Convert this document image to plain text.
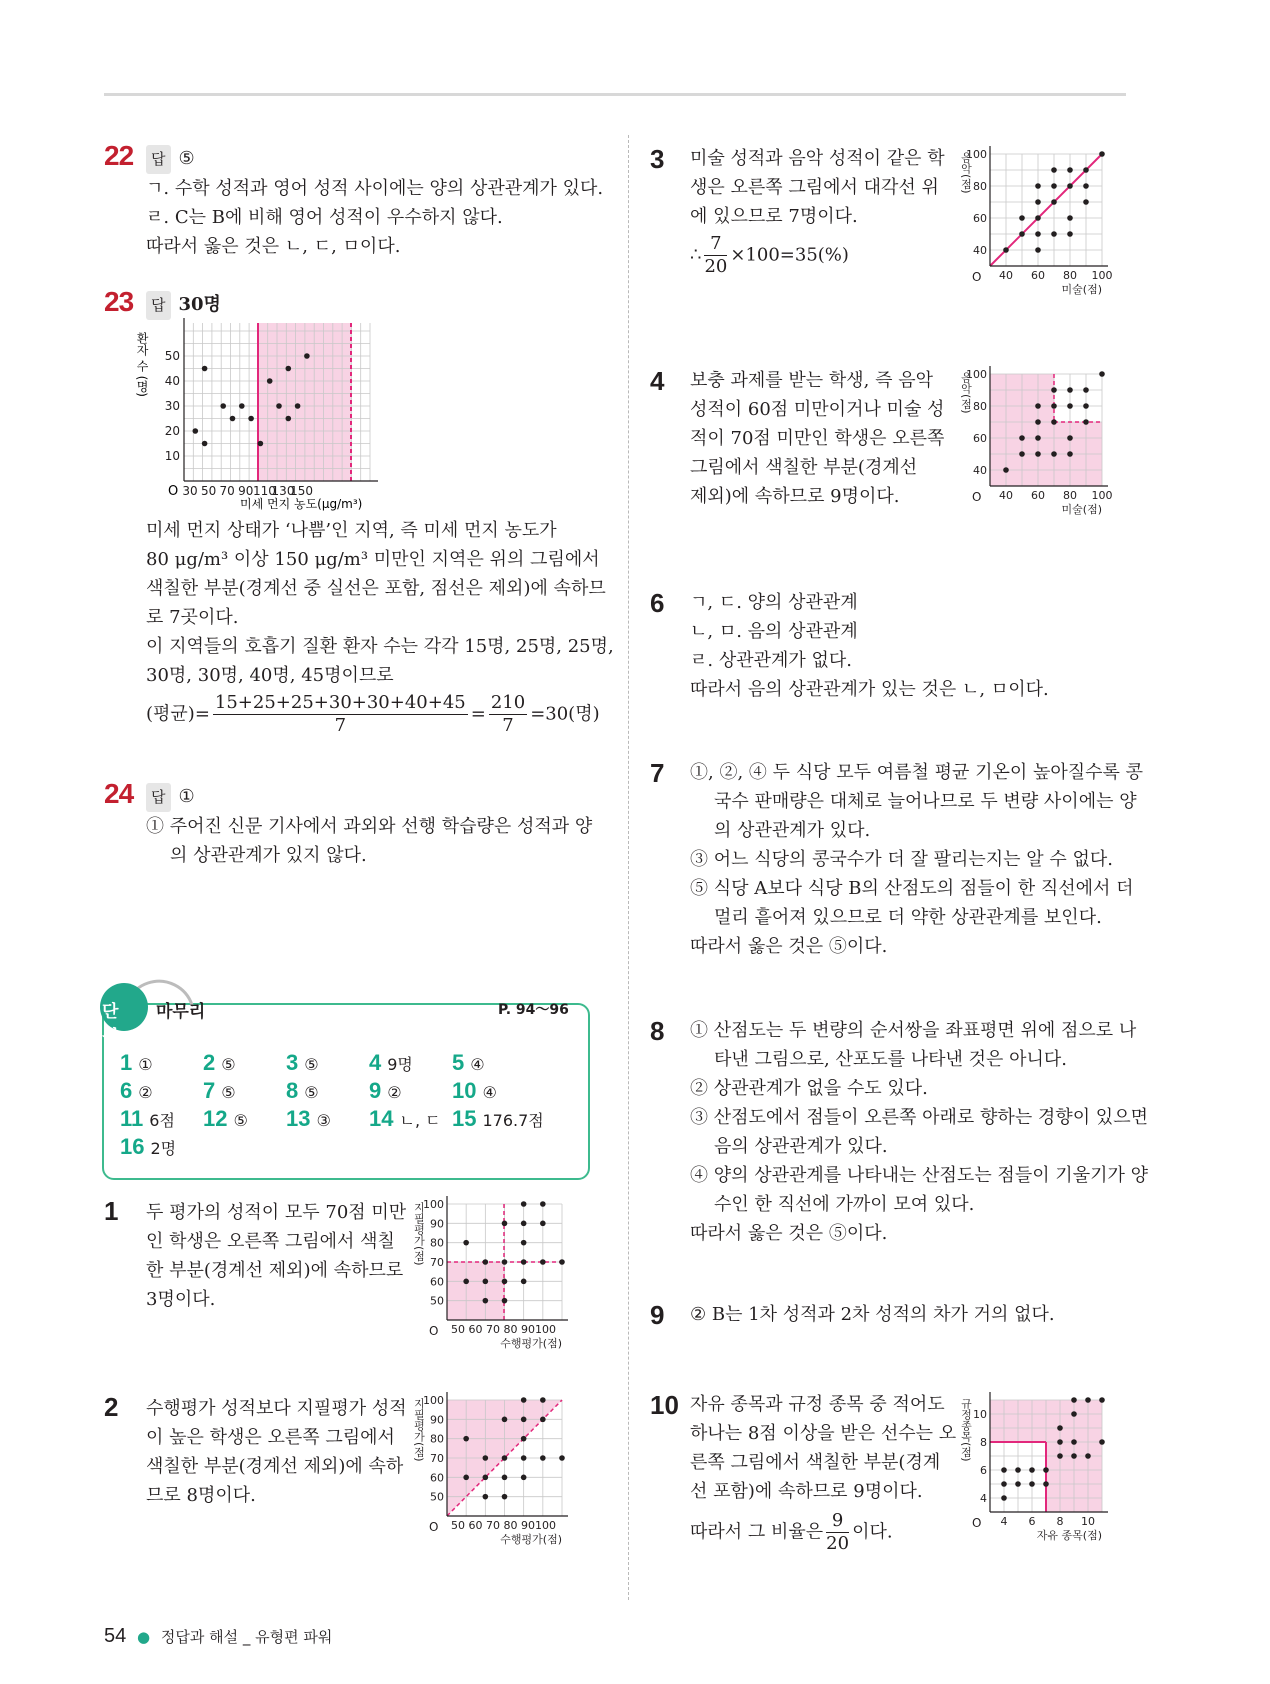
22	답 ⑤
ㄱ. 수학 성적과 영어 성적 사이에는 양의 상관관계가 있다.
ㄹ. C는 B에 비해 영어 성적이 우수하지 않다.
따라서 옳은 것은 ㄴ, ㄷ, ㅁ이다.
23	답 30명
환자 수 (명)
10
20
30
40
50
30 50 70 90 110
130
150
O
미세 먼지 농도(μg/m³)
미세 먼지 상태가 ‘나쁨’인 지역, 즉 미세 먼지 농도가
80 μg/m³ 이상 150 μg/m³ 미만인 지역은 위의 그림에서
색칠한 부분(경계선 중 실선은 포함, 점선은 제외)에 속하므
로 7곳이다.
이 지역들의 호흡기 질환 환자 수는 각각 15명, 25명, 25명,
30명, 30명, 40명, 45명이므로
(평균)= $\frac{15+25+25+30+30+40+45}{7} = \frac{210}{7} =30$(명)
24	답 ①
① 주어진 신문 기사에서 과외와 선행 학습량은 성적과 양
의 상관관계가 있지 않다.
단원
마무리	P. 94～96
1 ① 2 ⑤ 3 ⑤ 4 9명 5 ④
6 ② 7 ⑤ 8 ⑤ 9 ② 10 ④
11 6점 12 ⑤ 13 ③ 14 ㄴ, ㄷ 15 176.7점
16 2명
1 두 평가의 성적이 모두 70점 미만
인 학생은 오른쪽 그림에서 색칠
한 부분(경계선 제외)에 속하므로
3명이다.	50
60
70
80
90
100
50 60 70 80 90100
O
수행평가(점)
지필평가(점)
2 수행평가 성적보다 지필평가 성적
이 높은 학생은 오른쪽 그림에서
색칠한 부분(경계선 제외)에 속하
므로 8명이다.	50
60
70
80
90
100
50 60 70 80 90100
O
수행평가(점)
지필평가(점)
3 미술 성적과 음악 성적이 같은 학
생은 오른쪽 그림에서 대각선 위
에 있으므로 7명이다.
∴ $\frac{7}{20} \times 100=35(\%)$	40
60
80
100
40 60 80 100
O
미술(점)
음악(점)
4 보충 과제를 받는 학생, 즉 음악
성적이 60점 미만이거나 미술 성
적이 70점 미만인 학생은 오른쪽
그림에서 색칠한 부분(경계선
제외)에 속하므로 9명이다.
40
60
80
100
40 60 80 100
O
미술(점)
음악(점)
6 ㄱ, ㄷ. 양의 상관관계
ㄴ, ㅁ. 음의 상관관계
ㄹ. 상관관계가 없다.
따라서 음의 상관관계가 있는 것은 ㄴ, ㅁ이다.
7 ①, ②, ④ 두 식당 모두 여름철 평균 기온이 높아질수록 콩
국수 판매량은 대체로 늘어나므로 두 변량 사이에는 양
의 상관관계가 있다.
③ 어느 식당의 콩국수가 더 잘 팔리는지는 알 수 없다.
⑤ 식당 A보다 식당 B의 산점도의 점들이 한 직선에서 더
멀리 흩어져 있으므로 더 약한 상관관계를 보인다.
따라서 옳은 것은 ⑤이다.
8 ① 산점도는 두 변량의 순서쌍을 좌표평면 위에 점으로 나
타낸 그림으로, 산포도를 나타낸 것은 아니다.
② 상관관계가 없을 수도 있다.
③ 산점도에서 점들이 오른쪽 아래로 향하는 경향이 있으면
음의 상관관계가 있다.
④ 양의 상관관계를 나타내는 산점도는 점들이 기울기가 양
수인 한 직선에 가까이 모여 있다.
따라서 옳은 것은 ⑤이다.
9 ② B는 1차 성적과 2차 성적의 차가 거의 없다.
10 자유 종목과 규정 종목 중 적어도
하나는 8점 이상을 받은 선수는 오
른쪽 그림에서 색칠한 부분(경계
선 포함)에 속하므로 9명이다.
따라서 그 비율은 $\frac{9}{20}$ 이다.
4
6
8
10
4 6 8 10
O
자유 종목(점)
규정종목(점)
54 ● 정답과 해설 _ 유형편 파워
